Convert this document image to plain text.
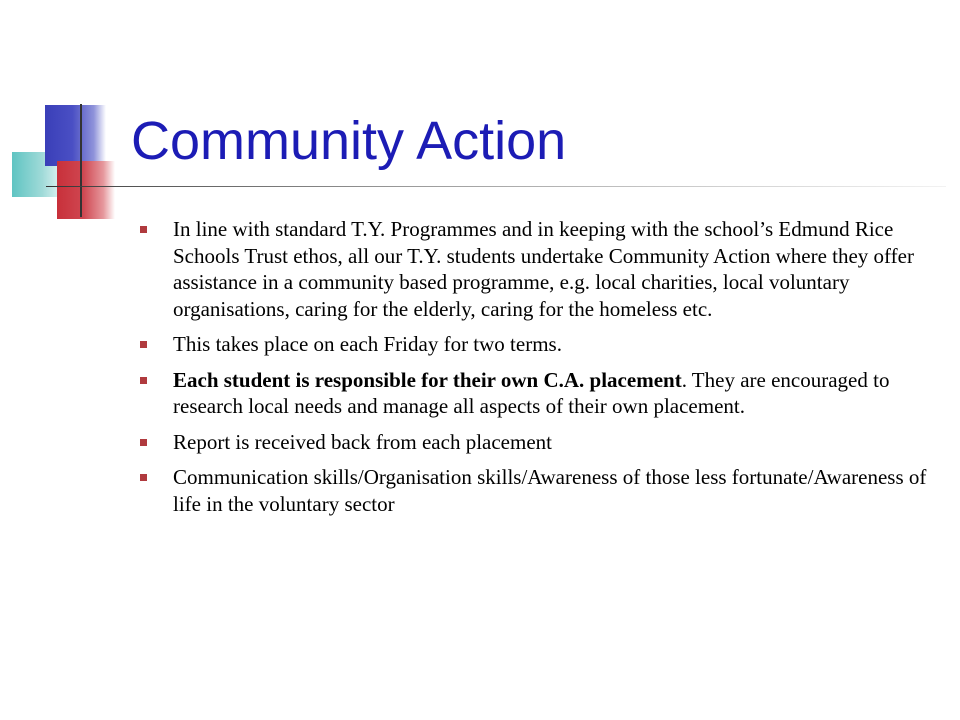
Community Action
In line with standard T.Y. Programmes and in keeping with the school’s Edmund Rice Schools Trust ethos, all our T.Y. students undertake Community Action where they offer assistance in a community based programme, e.g. local charities, local voluntary organisations, caring for the elderly, caring for the homeless etc.
This takes place on each Friday for two terms.
Each student is responsible for their own C.A. placement. They are encouraged to research local needs and manage all aspects of their own placement.
Report is received back from each placement
Communication skills/Organisation skills/Awareness of those less fortunate/Awareness of life in the voluntary sector
